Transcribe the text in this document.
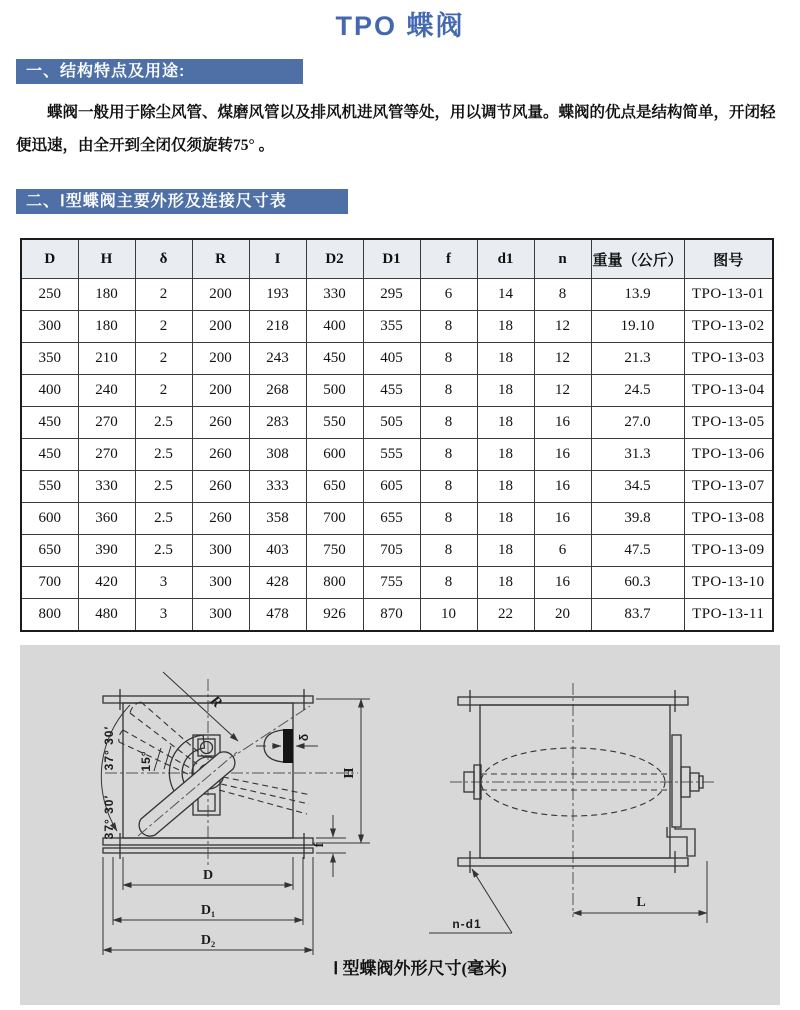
TPO 蝶阀
一、结构特点及用途:

蝶阀一般用于除尘风管、煤磨风管以及排风机进风管等处，用以调节风量。蝶阀的优点是结构简单，开闭轻便迅速，由全开到全闭仅须旋转75° 。

二、Ⅰ型蝶阀主要外形及连接尺寸表
D	H	δ	R	I	D2	D1	f	d1	n	重量（公斤）	图号
250	180	2	200	193	330	295	6	14	8	13.9	TPO-13-01
300	180	2	200	218	400	355	8	18	12	19.10	TPO-13-02
350	210	2	200	243	450	405	8	18	12	21.3	TPO-13-03
400	240	2	200	268	500	455	8	18	12	24.5	TPO-13-04
450	270	2.5	260	283	550	505	8	18	16	27.0	TPO-13-05
450	270	2.5	260	308	600	555	8	18	16	31.3	TPO-13-06
550	330	2.5	260	333	650	605	8	18	16	34.5	TPO-13-07
600	360	2.5	260	358	700	655	8	18	16	39.8	TPO-13-08
650	390	2.5	300	403	750	705	8	18	6	47.5	TPO-13-09
700	420	3	300	428	800	755	8	18	16	60.3	TPO-13-10
800	480	3	300	478	926	870	10	22	20	83.7	TPO-13-11
R
37° 30′
37° 30′
15°
δ
H
f
D
D₁
D₂
L
n-d1
Ⅰ 型蝶阀外形尺寸(毫米)
